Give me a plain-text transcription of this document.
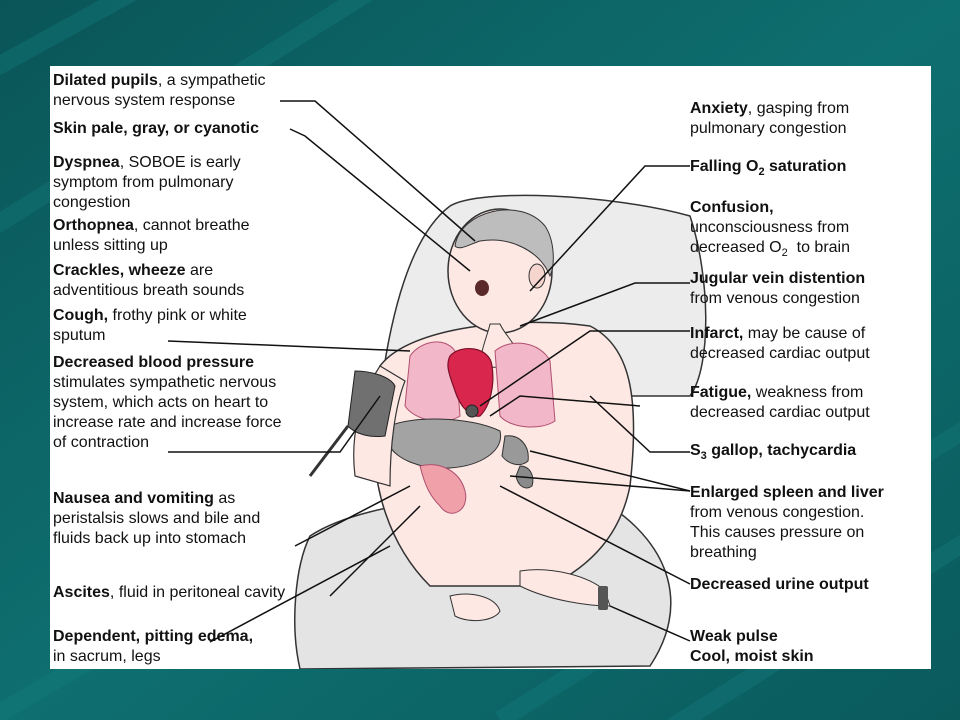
Dilated pupils, a sympathetic
nervous system response
Skin pale, gray, or cyanotic
Dyspnea, SOBOE is early
symptom from pulmonary
congestion
Orthopnea, cannot breathe
unless sitting up
Crackles, wheeze are
adventitious breath sounds
Cough, frothy pink or white
sputum
Decreased blood pressure
stimulates sympathetic nervous
system, which acts on heart to
increase rate and increase force
of contraction
Nausea and vomiting as
peristalsis slows and bile and
fluids back up into stomach
Ascites, fluid in peritoneal cavity
Dependent, pitting edema,
in sacrum, legs
Anxiety, gasping from
pulmonary congestion
Falling $O_2$ saturation
Confusion,
unconsciousness from
decreased $O_2$  to brain
Jugular vein distention
from venous congestion
Infarct, may be cause of
decreased cardiac output
Fatigue, weakness from
decreased cardiac output
$S_3$ gallop, tachycardia
Enlarged spleen and liver
from venous congestion.
This causes pressure on
breathing
Decreased urine output
Weak pulse
Cool, moist skin
